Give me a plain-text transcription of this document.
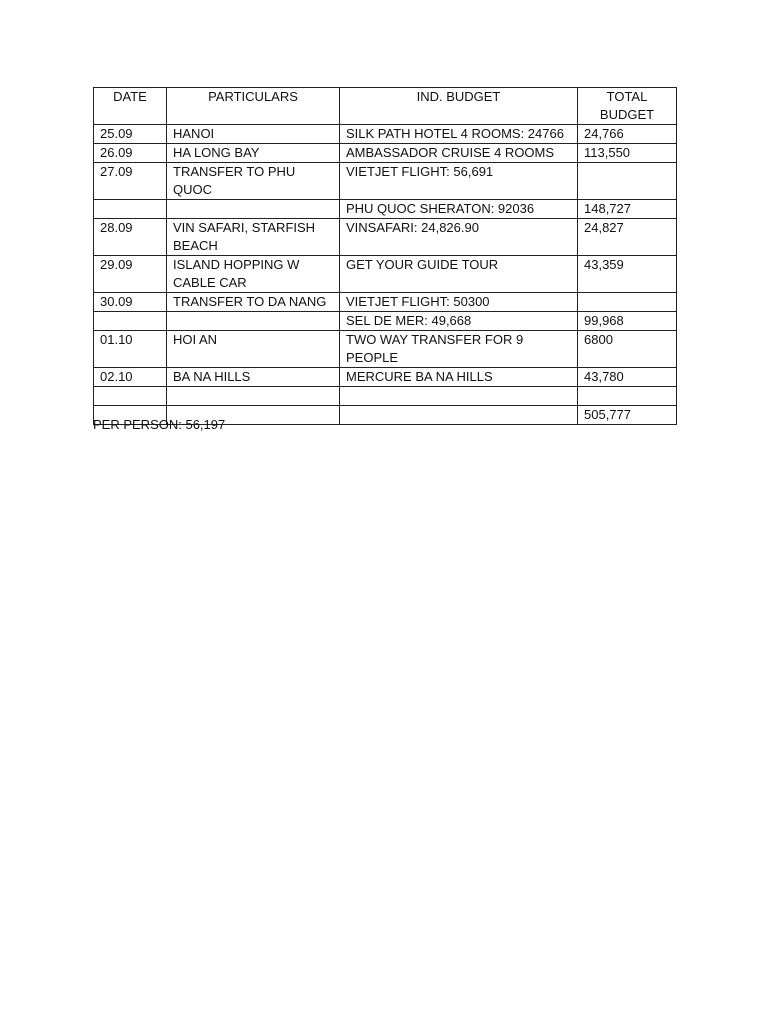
DATE	PARTICULARS	IND. BUDGET	TOTAL BUDGET
25.09	HANOI	SILK PATH HOTEL 4 ROOMS: 24766	24,766
26.09	HA LONG BAY	AMBASSADOR CRUISE 4 ROOMS	113,550
27.09	TRANSFER TO PHU QUOC	VIETJET FLIGHT: 56,691	
		PHU QUOC SHERATON: 92036	148,727
28.09	VIN SAFARI, STARFISH BEACH	VINSAFARI: 24,826.90	24,827
29.09	ISLAND HOPPING W CABLE CAR	GET YOUR GUIDE TOUR	43,359
30.09	TRANSFER TO DA NANG	VIETJET FLIGHT: 50300	
		SEL DE MER: 49,668	99,968
01.10	HOI AN	TWO WAY TRANSFER FOR 9 PEOPLE	6800
02.10	BA NA HILLS	MERCURE BA NA HILLS	43,780

			505,777
PER PERSON: 56,197
